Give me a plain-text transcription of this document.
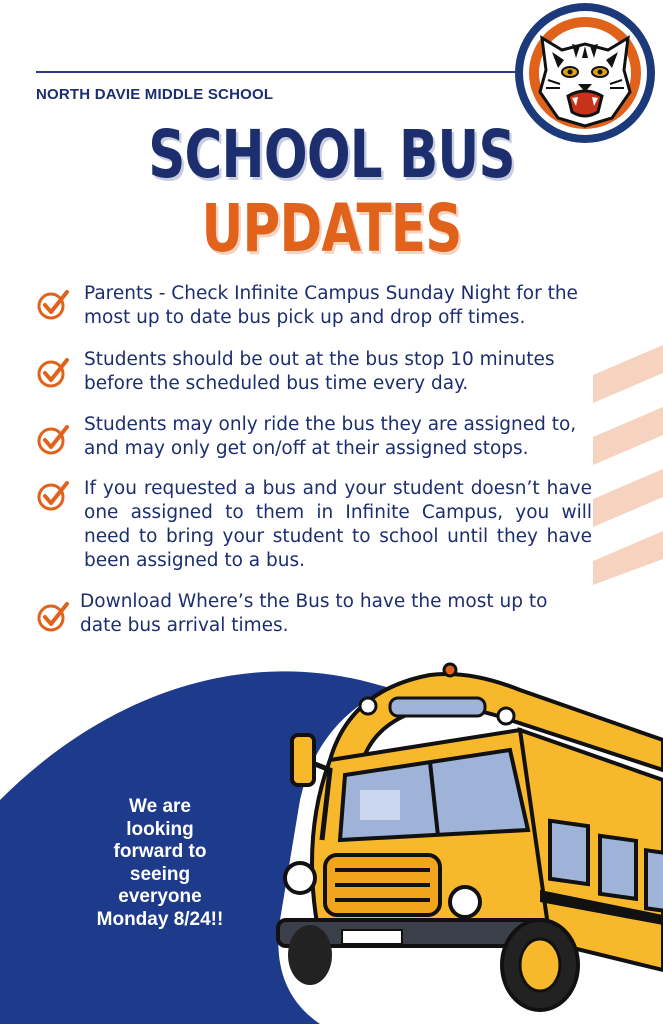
NORTH DAVIE MIDDLE SCHOOL
SCHOOL BUS
UPDATES
Parents - Check Infinite Campus Sunday Night for the most up to date bus pick up and drop off times.
Students should be out at the bus stop 10 minutes before the scheduled bus time every day.
Students may only ride the bus they are assigned to, and may only get on/off at their assigned stops.
If you requested a bus and your student doesn’t have one assigned to them in Infinite Campus, you will need to bring your student to school until they have been assigned to a bus.
Download Where’s the Bus to have the most up to date bus arrival times.
We are looking forward to seeing everyone Monday 8/24!!
